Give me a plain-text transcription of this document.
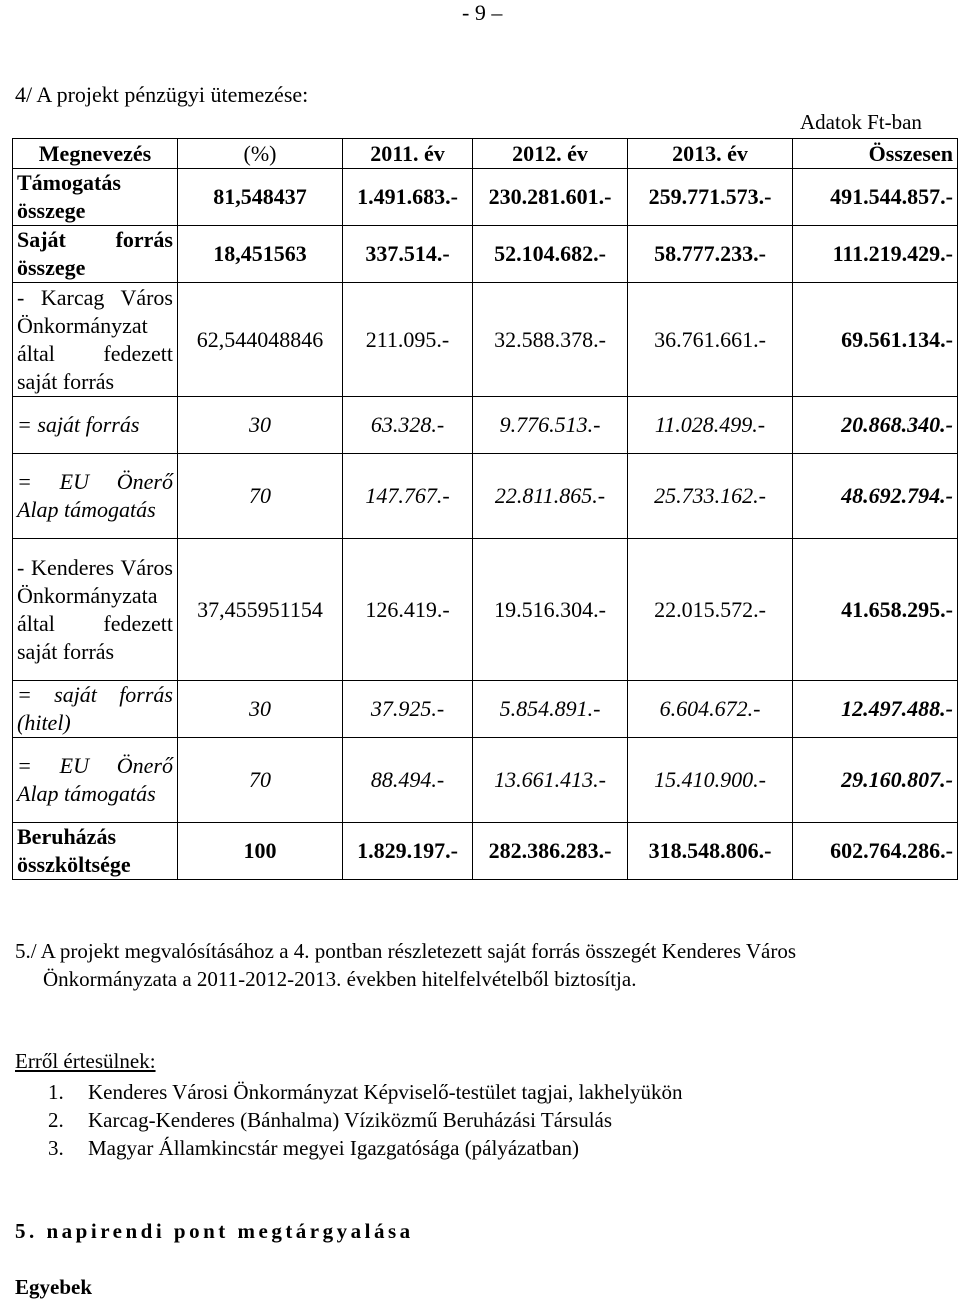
- 9 –
4/ A projekt pénzügyi ütemezése:
Adatok Ft-ban
Megnevezés	(%)	2011. év	2012. év	2013. év	Összesen
Támogatás összege	81,548437	1.491.683.-	230.281.601.-	259.771.573.-	491.544.857.-
Saját forrás összege	18,451563	337.514.-	52.104.682.-	58.777.233.-	111.219.429.-
- Karcag Város Önkormányzat által fedezett saját forrás	62,544048846	211.095.-	32.588.378.-	36.761.661.-	69.561.134.-
= saját forrás	30	63.328.-	9.776.513.-	11.028.499.-	20.868.340.-
= EU Önerő Alap támogatás	70	147.767.-	22.811.865.-	25.733.162.-	48.692.794.-
- Kenderes Város Önkormányzata által fedezett saját forrás	37,455951154	126.419.-	19.516.304.-	22.015.572.-	41.658.295.-
= saját forrás (hitel)	30	37.925.-	5.854.891.-	6.604.672.-	12.497.488.-
= EU Önerő Alap támogatás	70	88.494.-	13.661.413.-	15.410.900.-	29.160.807.-
Beruházás összköltsége	100	1.829.197.-	282.386.283.-	318.548.806.-	602.764.286.-
5./ A projekt megvalósításához a 4. pontban részletezett saját forrás összegét Kenderes Város
Önkormányzata a 2011-2012-2013. években hitelfelvételből biztosítja.
Erről értesülnek:
1. Kenderes Városi Önkormányzat Képviselő-testület tagjai, lakhelyükön
2. Karcag-Kenderes (Bánhalma) Víziközmű Beruházási Társulás
3. Magyar Államkincstár megyei Igazgatósága (pályázatban)
5. napirendi pont megtárgyalása
Egyebek
